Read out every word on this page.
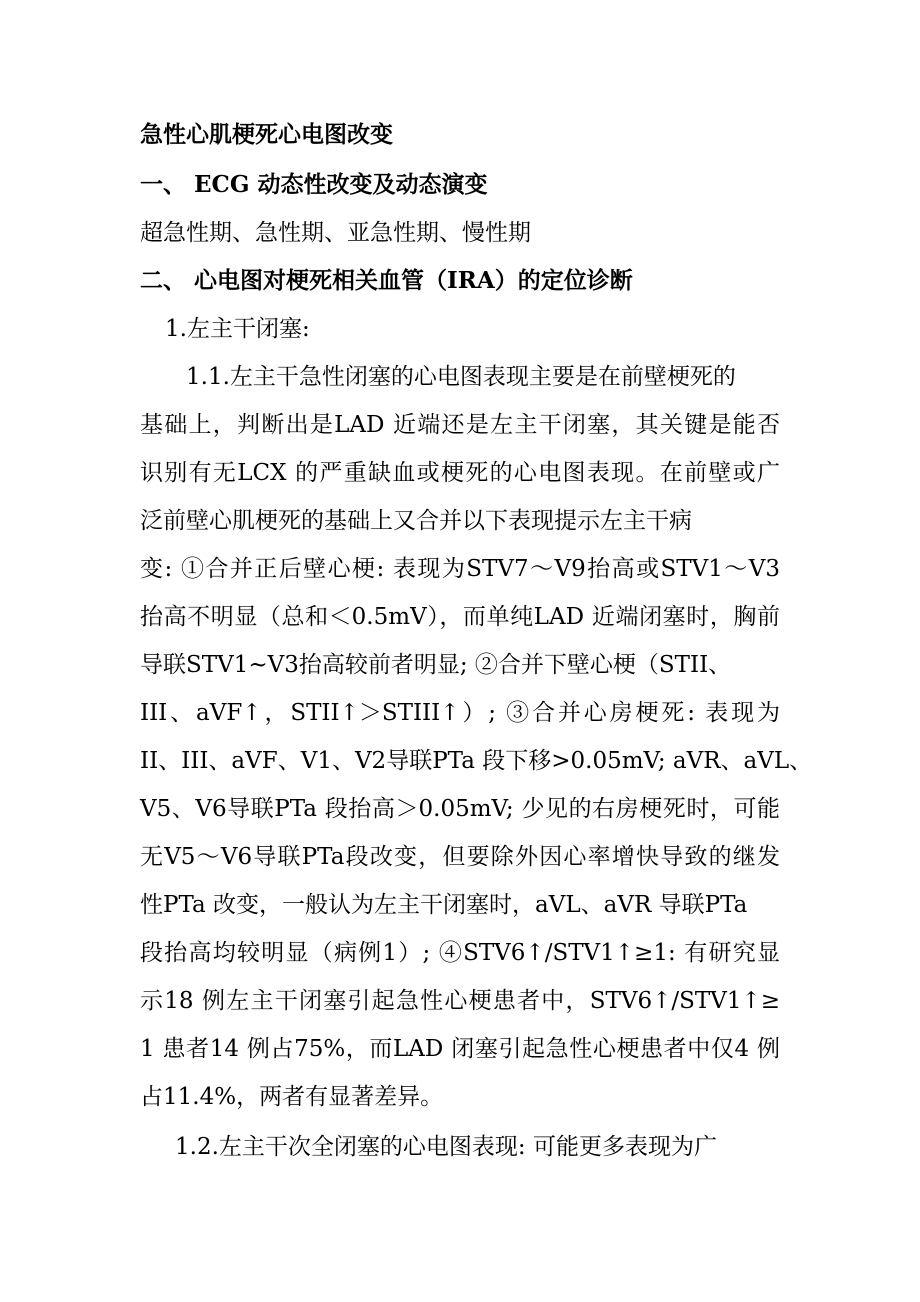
急性心肌梗死心电图改变
一、 ECG 动态性改变及动态演变
超急性期、急性期、亚急性期、慢性期
二、 心电图对梗死相关血管（IRA）的定位诊断
1.左主干闭塞:
1.1.左主干急性闭塞的心电图表现主要是在前壁梗死的
基础上，判断出是LAD 近端还是左主干闭塞，其关键是能否
识别有无LCX 的严重缺血或梗死的心电图表现。在前壁或广
泛前壁心肌梗死的基础上又合并以下表现提示左主干病
变: ①合并正后壁心梗: 表现为STV7～V9抬高或STV1～V3
抬高不明显（总和＜0.5mV），而单纯LAD 近端闭塞时，胸前
导联STV1~V3抬高较前者明显; ②合并下壁心梗（STII、
III、aVF↑，STII↑＞STIII↑）; ③合并心房梗死: 表现为
II、III、aVF、V1、V2导联PTa 段下移>0.05mV; aVR、aVL、
V5、V6导联PTa 段抬高＞0.05mV; 少见的右房梗死时，可能
无V5～V6导联PTa段改变，但要除外因心率增快导致的继发
性PTa 改变，一般认为左主干闭塞时，aVL、aVR 导联PTa
段抬高均较明显（病例1）; ④STV6↑/STV1↑≥1: 有研究显
示18 例左主干闭塞引起急性心梗患者中，STV6↑/STV1↑≥
1 患者14 例占75%，而LAD 闭塞引起急性心梗患者中仅4 例
占11.4%，两者有显著差异。
1.2.左主干次全闭塞的心电图表现: 可能更多表现为广
